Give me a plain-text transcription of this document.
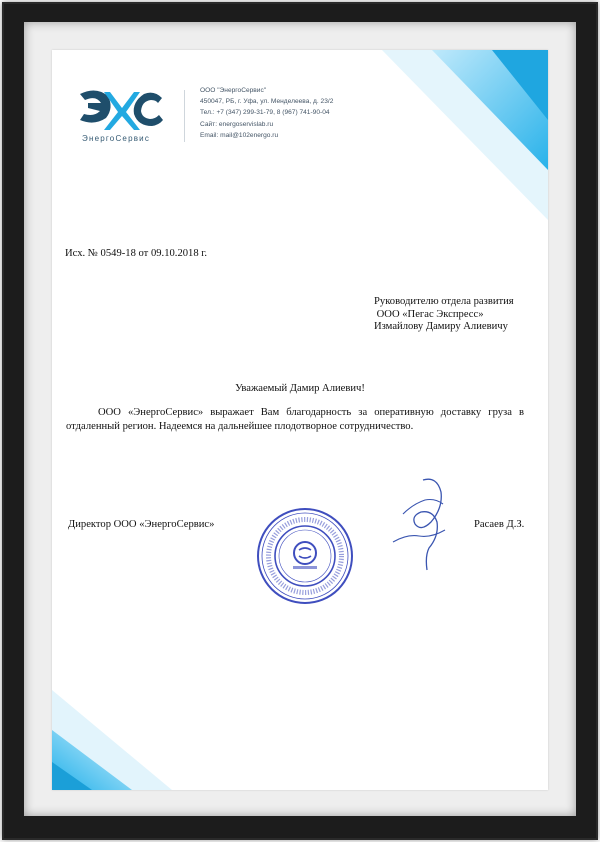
ЭнергоСервис
ООО "ЭнергоСервис"
450047, РБ, г. Уфа, ул. Менделеева, д. 23/2
Тел.: +7 (347) 299-31-79, 8 (967) 741-90-04
Сайт: energoservislab.ru
Email: mail@102energo.ru
Исх. № 0549-18 от 09.10.2018 г.
Руководителю отдела развития
ООО «Пегас Экспресс»
Измайлову Дамиру Алиевичу
Уважаемый Дамир Алиевич!
ООО «ЭнергоСервис» выражает Вам благодарность за оперативную доставку груза в отдаленный регион. Надеемся на дальнейшее плодотворное сотрудничество.
Директор ООО «ЭнергоСервис»	Расаев Д.З.
